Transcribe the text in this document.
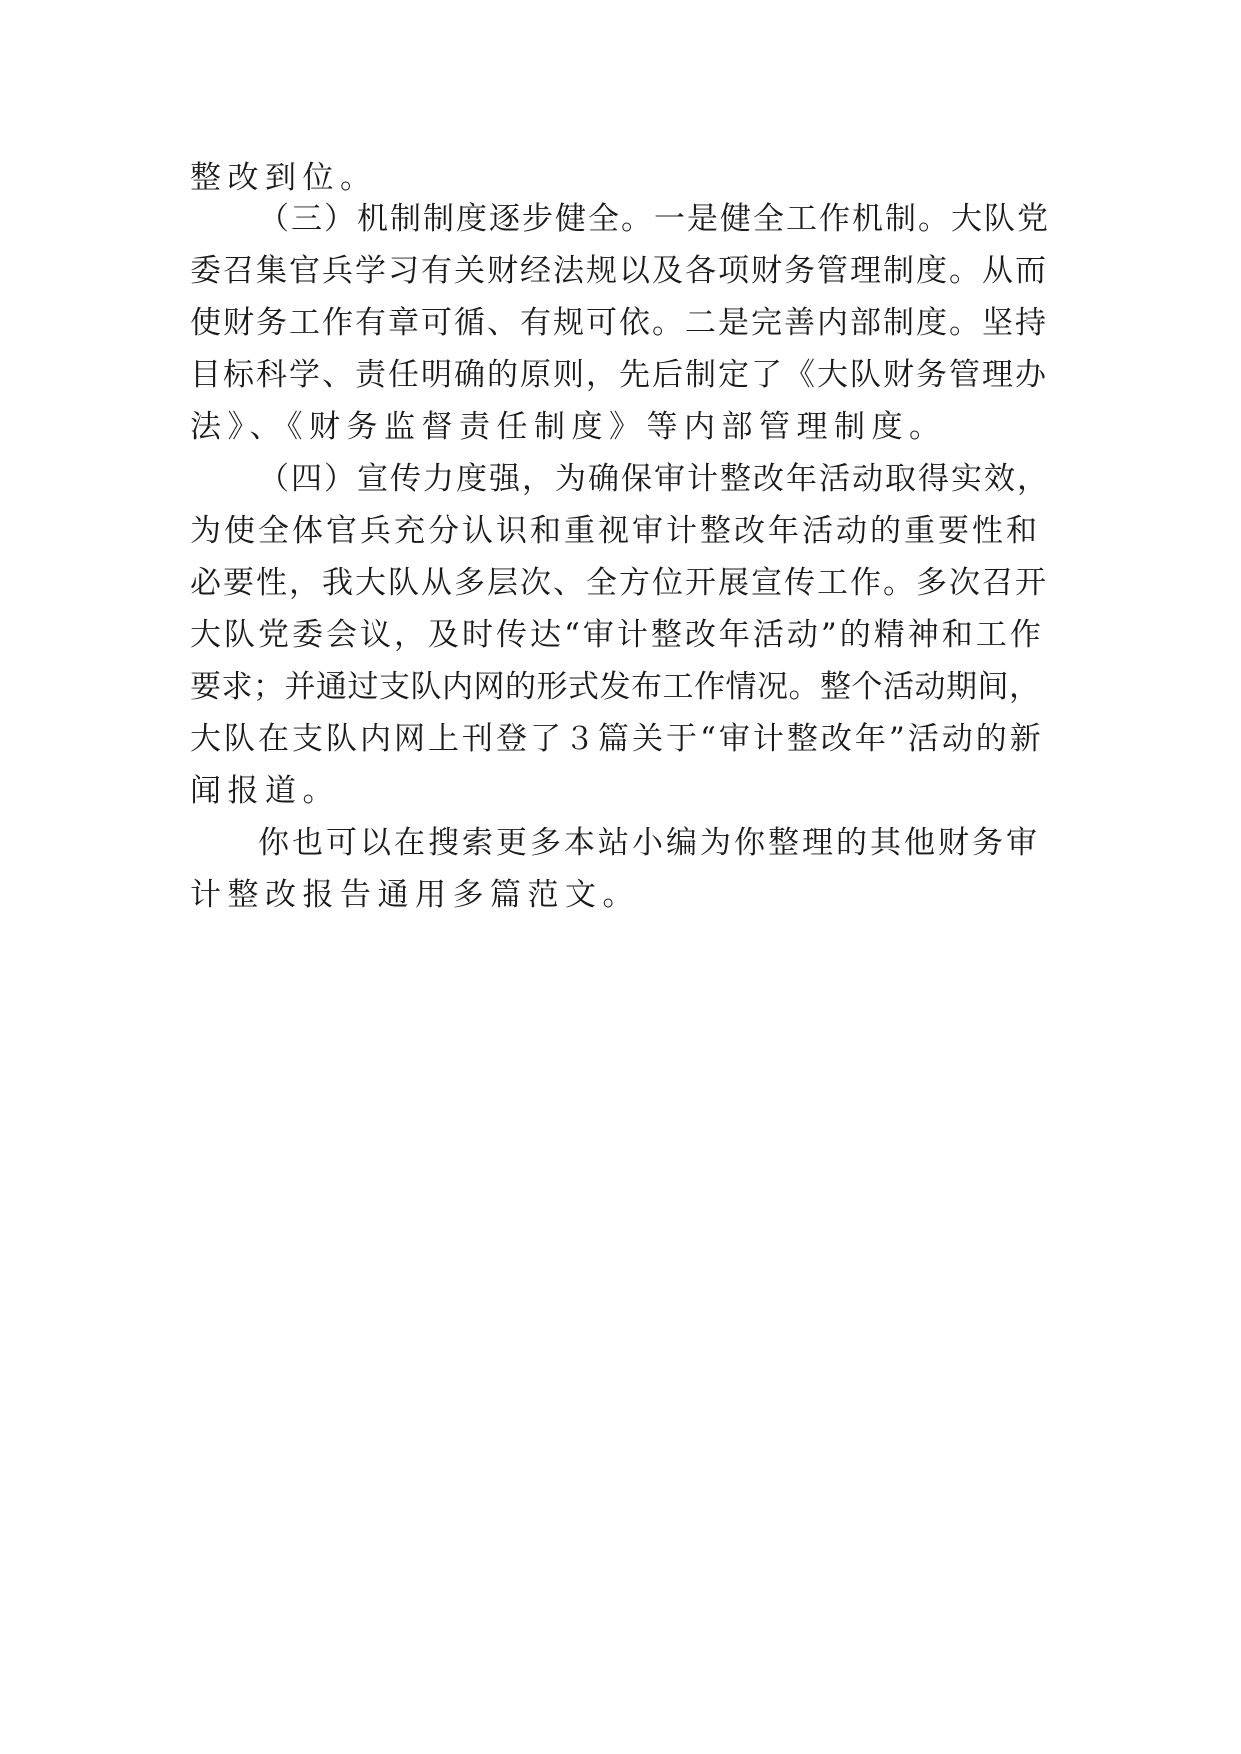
整改到位。
（三）机制制度逐步健全。一是健全工作机制。大队党
委召集官兵学习有关财经法规以及各项财务管理制度。从而
使财务工作有章可循、有规可依。二是完善内部制度。坚持
目标科学、责任明确的原则，先后制定了《大队财务管理办
法》、《财务监督责任制度》等内部管理制度。
（四）宣传力度强，为确保审计整改年活动取得实效，
为使全体官兵充分认识和重视审计整改年活动的重要性和
必要性，我大队从多层次、全方位开展宣传工作。多次召开
大队党委会议，及时传达“审计整改年活动”的精神和工作
要求；并通过支队内网的形式发布工作情况。整个活动期间，
大队在支队内网上刊登了３篇关于“审计整改年”活动的新
闻报道。
你也可以在搜索更多本站小编为你整理的其他财务审
计整改报告通用多篇范文。
